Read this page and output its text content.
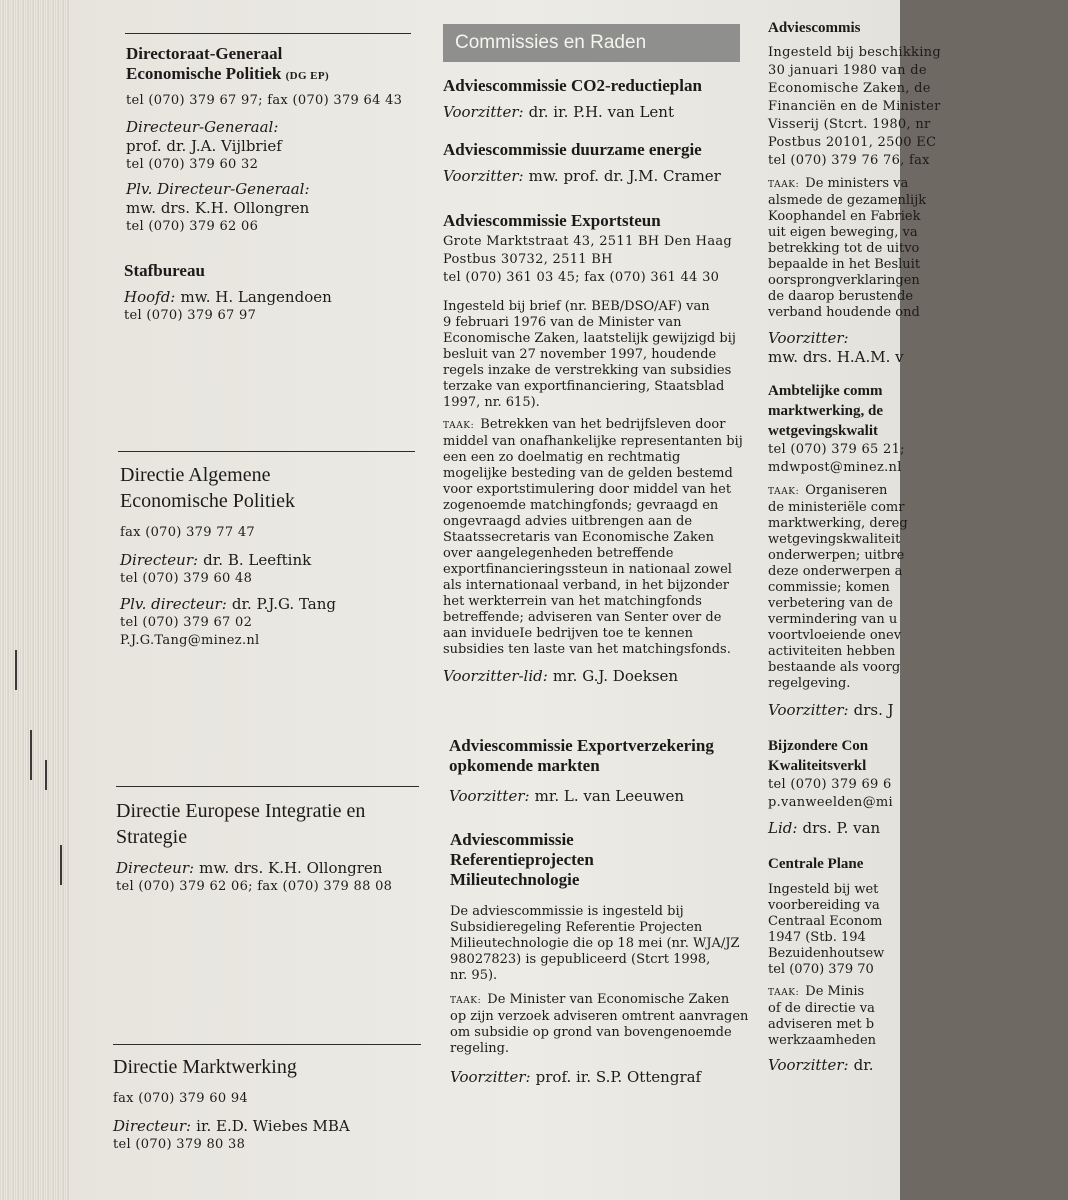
Directoraat-Generaal
Economische Politiek (DG EP)
tel (070) 379 67 97; fax (070) 379 64 43
Directeur-Generaal:
prof. dr. J.A. Vijlbrief
tel (070) 379 60 32
Plv. Directeur-Generaal:
mw. drs. K.H. Ollongren
tel (070) 379 62 06
Stafbureau
Hoofd: mw. H. Langendoen
tel (070) 379 67 97
Directie Algemene
Economische Politiek
fax (070) 379 77 47
Directeur: dr. B. Leeftink
tel (070) 379 60 48
Plv. directeur: dr. P.J.G. Tang
tel (070) 379 67 02
P.J.G.Tang@minez.nl
Directie Europese Integratie en
Strategie
Directeur: mw. drs. K.H. Ollongren
tel (070) 379 62 06; fax (070) 379 88 08
Directie Marktwerking
fax (070) 379 60 94
Directeur: ir. E.D. Wiebes MBA
tel (070) 379 80 38
Commissies en Raden
Adviescommissie CO2-reductieplan
Voorzitter: dr. ir. P.H. van Lent
Adviescommissie duurzame energie
Voorzitter: mw. prof. dr. J.M. Cramer
Adviescommissie Exportsteun
Grote Marktstraat 43, 2511 BH Den Haag
Postbus 30732, 2511 BH
tel (070) 361 03 45; fax (070) 361 44 30
Ingesteld bij brief (nr. BEB/DSO/AF) van
9 februari 1976 van de Minister van
Economische Zaken, laatstelijk gewijzigd bij
besluit van 27 november 1997, houdende
regels inzake de verstrekking van subsidies
terzake van exportfinanciering, Staatsblad
1997, nr. 615).
TAAK: Betrekken van het bedrijfsleven door
middel van onafhankelijke representanten bij
een een zo doelmatig en rechtmatig
mogelijke besteding van de gelden bestemd
voor exportstimulering door middel van het
zogenoemde matchingfonds; gevraagd en
ongevraagd advies uitbrengen aan de
Staatssecretaris van Economische Zaken
over aangelegenheden betreffende
exportfinancieringssteun in nationaal zowel
als internationaal verband, in het bijzonder
het werkterrein van het matchingfonds
betreffende; adviseren van Senter over de
aan invidueIe bedrijven toe te kennen
subsidies ten laste van het matchingsfonds.
Voorzitter-lid: mr. G.J. Doeksen
Adviescommissie Exportverzekering
opkomende markten
Voorzitter: mr. L. van Leeuwen
Adviescommissie
Referentieprojecten
Milieutechnologie
De adviescommissie is ingesteld bij
Subsidieregeling Referentie Projecten
Milieutechnologie die op 18 mei (nr. WJA/JZ
98027823) is gepubliceerd (Stcrt 1998,
nr. 95).
TAAK: De Minister van Economische Zaken
op zijn verzoek adviseren omtrent aanvragen
om subsidie op grond van bovengenoemde
regeling.
Voorzitter: prof. ir. S.P. Ottengraf
Adviescommis
Ingesteld bij beschikking
30 januari 1980 van de
Economische Zaken, de
Financiën en de Minister
Visserij (Stcrt. 1980, nr
Postbus 20101, 2500 EC
tel (070) 379 76 76, fax
TAAK: De ministers va
alsmede de gezamenlijk
Koophandel en Fabriek
uit eigen beweging, va
betrekking tot de uitvo
bepaalde in het Besluit
oorsprongverklaringen
de daarop berustende
verband houdende ond
Voorzitter:
mw. drs. H.A.M. v
Ambtelijke comm
marktwerking, de
wetgevingskwalit
tel (070) 379 65 21;
mdwpost@minez.nl
TAAK: Organiseren
de ministeriële comr
marktwerking, dereg
wetgevingskwaliteit
onderwerpen; uitbre
deze onderwerpen a
commissie; komen
verbetering van de
vermindering van u
voortvloeiende onev
activiteiten hebben
bestaande als voorg
regelgeving.
Voorzitter: drs. J
Bijzondere Con
Kwaliteitsverkl
tel (070) 379 69 6
p.vanweelden@mi
Lid: drs. P. van
Centrale Plane
Ingesteld bij wet
voorbereiding va
Centraal Econom
1947 (Stb. 194
Bezuidenhoutsew
tel (070) 379 70
TAAK: De Minis
of de directie va
adviseren met b
werkzaamheden
Voorzitter: dr.
